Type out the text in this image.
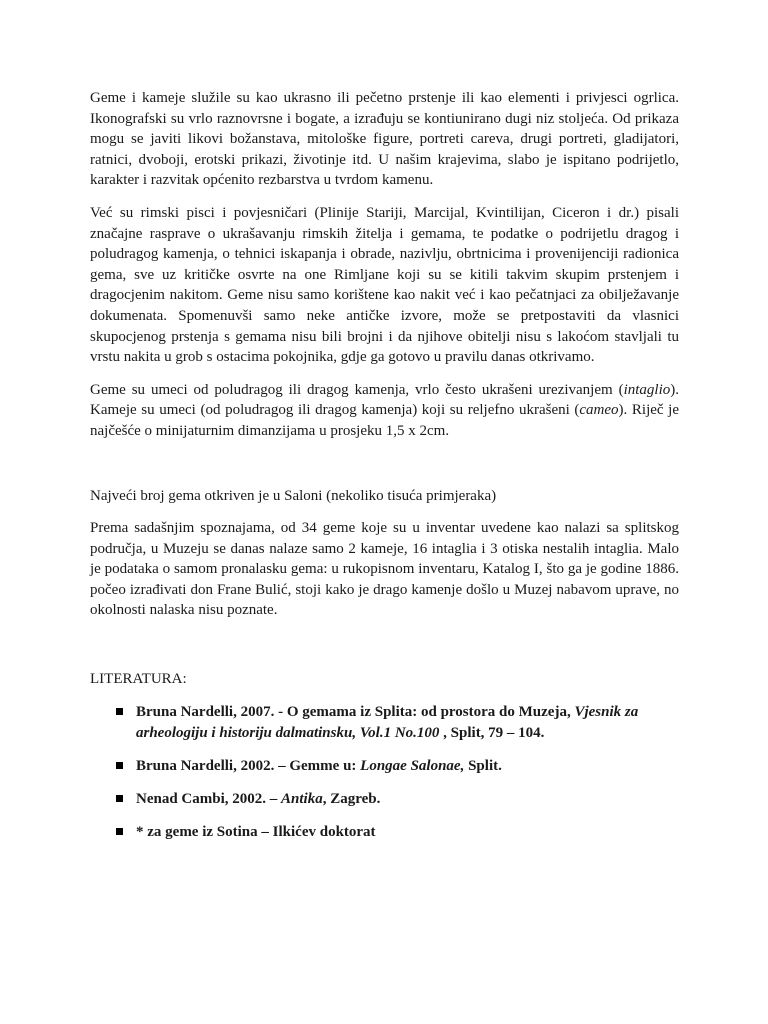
Geme i kameje služile su kao ukrasno ili pečetno prstenje ili kao elementi i privjesci ogrlica. Ikonografski su vrlo raznovrsne i bogate, a izrađuju se kontiunirano dugi niz stoljeća. Od prikaza mogu se javiti likovi božanstava, mitološke figure, portreti careva, drugi portreti, gladijatori, ratnici, dvoboji, erotski prikazi, životinje itd. U našim krajevima, slabo je ispitano podrijetlo, karakter i razvitak općenito rezbarstva u tvrdom kamenu.

Već su rimski pisci i povjesničari (Plinije Stariji, Marcijal, Kvintilijan, Ciceron i dr.) pisali značajne rasprave o ukrašavanju rimskih žitelja i gemama, te podatke o podrijetlu dragog i poludragog kamenja, o tehnici iskapanja i obrade, nazivlju, obrtnicima i provenijenciji radionica gema, sve uz kritičke osvrte na one Rimljane koji su se kitili takvim skupim prstenjem i dragocjenim nakitom. Geme nisu samo korištene kao nakit već i kao pečatnjaci za obilježavanje dokumenata. Spomenuvši samo neke antičke izvore, može se pretpostaviti da vlasnici skupocjenog prstenja s gemama nisu bili brojni i da njihove obitelji nisu s lakoćom stavljali tu vrstu nakita u grob s ostacima pokojnika, gdje ga gotovo u pravilu danas otkrivamo.

Geme su umeci od poludragog ili dragog kamenja, vrlo često ukrašeni urezivanjem (intaglio). Kameje su umeci (od poludragog ili dragog kamenja) koji su reljefno ukrašeni (cameo). Riječ je najčešće o minijaturnim dimanzijama u prosjeku 1,5 x 2cm.

Najveći broj gema otkriven je u Saloni (nekoliko tisuća primjeraka)

Prema sadašnjim spoznajama, od 34 geme koje su u inventar uvedene kao nalazi sa splitskog područja, u Muzeju se danas nalaze samo 2 kameje, 16 intaglia i 3 otiska nestalih intaglia. Malo je podataka o samom pronalasku gema: u rukopisnom inventaru, Katalog I, što ga je godine 1886. počeo izrađivati don Frane Bulić, stoji kako je drago kamenje došlo u Muzej nabavom uprave, no okolnosti nalaska nisu poznate.

LITERATURA:
Bruna Nardelli, 2007. - O gemama iz Splita: od prostora do Muzeja, Vjesnik za arheologiju i historiju dalmatinsku, Vol.1 No.100 , Split, 79 – 104.
Bruna Nardelli, 2002. – Gemme u: Longae Salonae, Split.
Nenad Cambi, 2002. – Antika, Zagreb.
* za geme iz Sotina – Ilkićev doktorat
